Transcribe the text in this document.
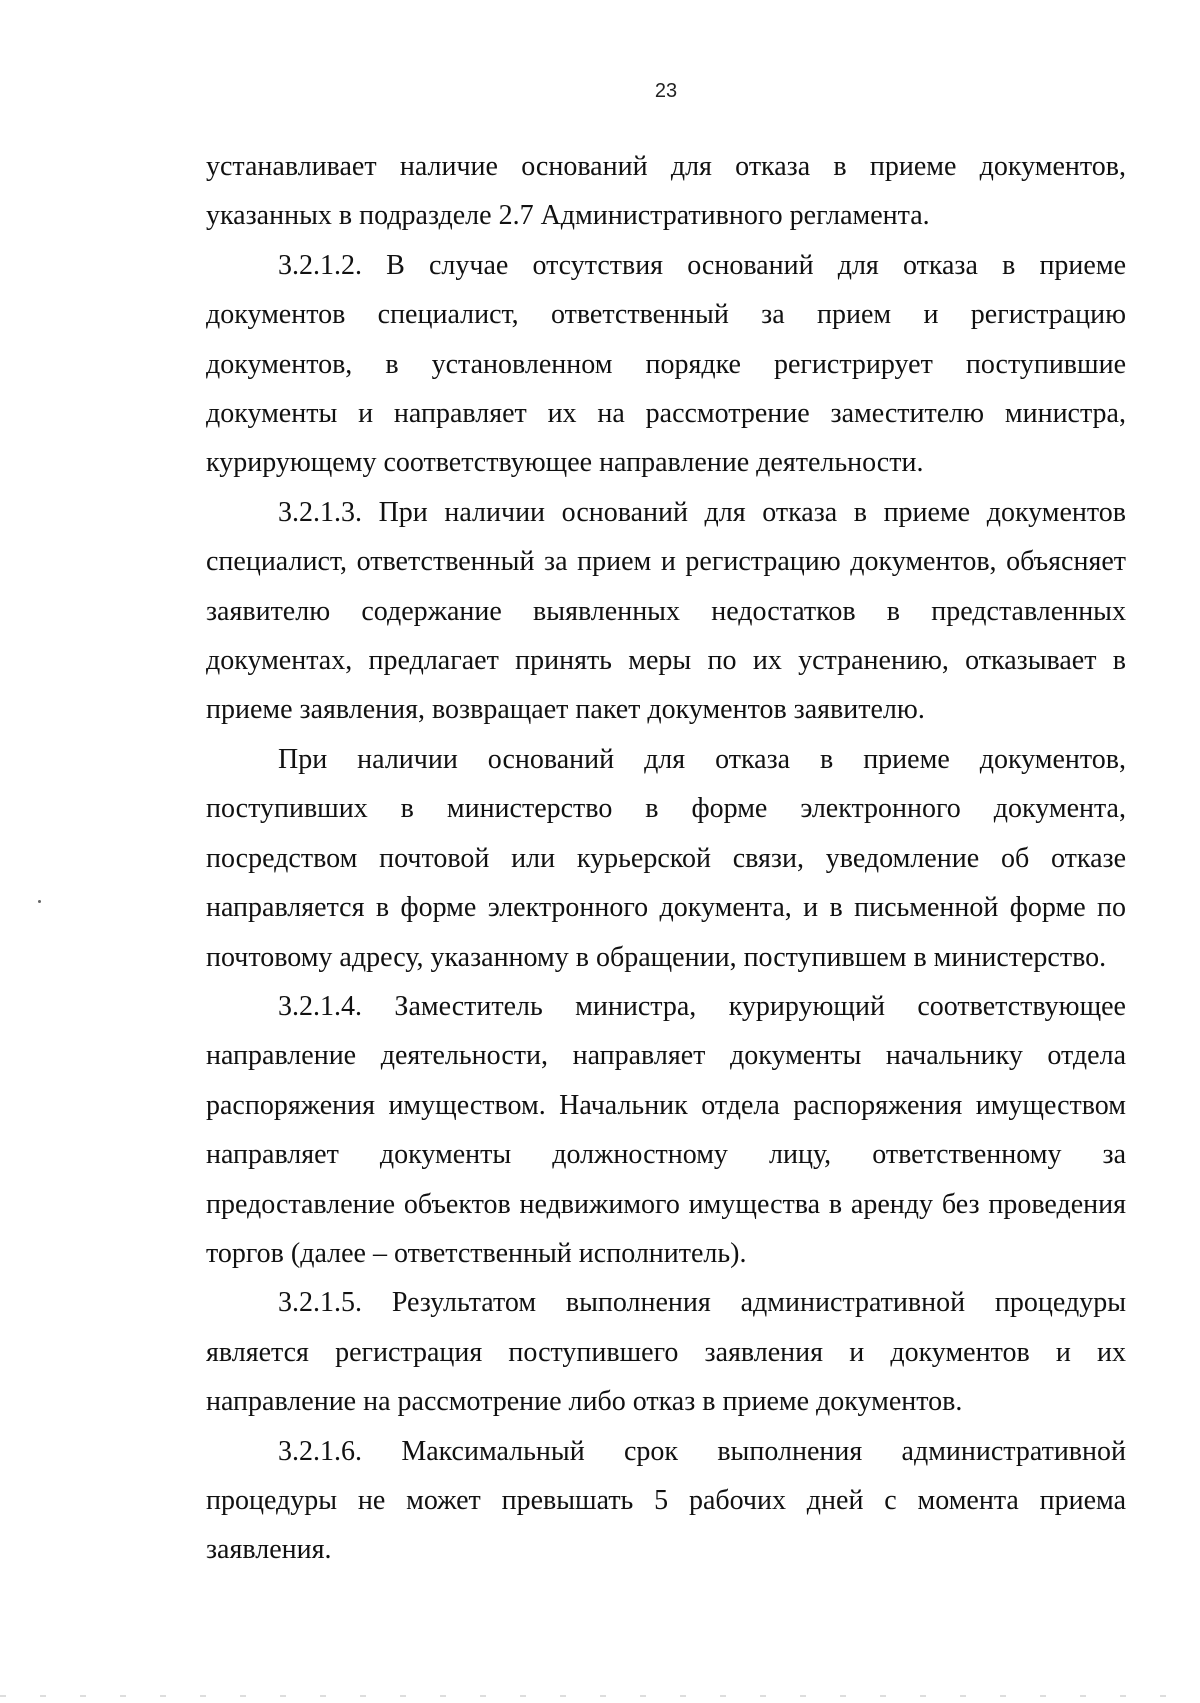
23

устанавливает наличие оснований для отказа в приеме документов, указанных в подразделе 2.7 Административного регламента.

3.2.1.2. В случае отсутствия оснований для отказа в приеме документов специалист, ответственный за прием и регистрацию документов, в установленном порядке регистрирует поступившие документы и направляет их на рассмотрение заместителю министра, курирующему соответствующее направление деятельности.

3.2.1.3. При наличии оснований для отказа в приеме документов специалист, ответственный за прием и регистрацию документов, объясняет заявителю содержание выявленных недостатков в представленных документах, предлагает принять меры по их устранению, отказывает в приеме заявления, возвращает пакет документов заявителю.

При наличии оснований для отказа в приеме документов, поступивших в министерство в форме электронного документа, посредством почтовой или курьерской связи, уведомление об отказе направляется в форме электронного документа, и в письменной форме по почтовому адресу, указанному в обращении, поступившем в министерство.

3.2.1.4. Заместитель министра, курирующий соответствующее направление деятельности, направляет документы начальнику отдела распоряжения имуществом. Начальник отдела распоряжения имуществом направляет документы должностному лицу, ответственному за предоставление объектов недвижимого имущества в аренду без проведения торгов (далее – ответственный исполнитель).

3.2.1.5. Результатом выполнения административной процедуры является регистрация поступившего заявления и документов и их направление на рассмотрение либо отказ в приеме документов.

3.2.1.6. Максимальный срок выполнения административной процедуры не может превышать 5 рабочих дней с момента приема заявления.
